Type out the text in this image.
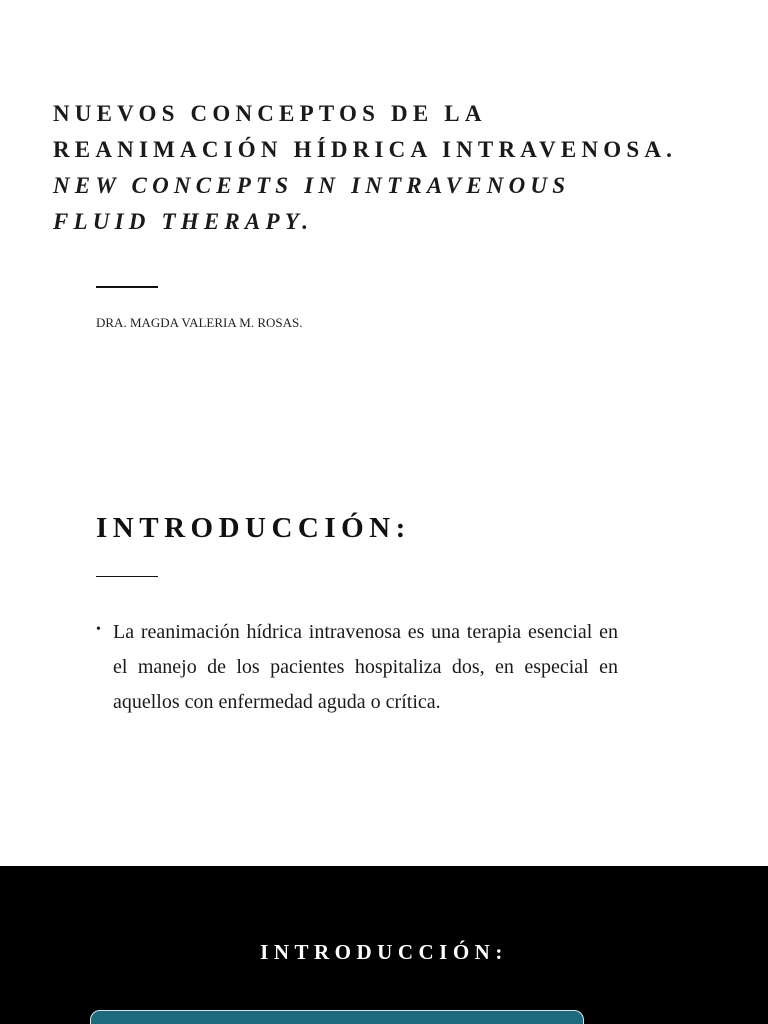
NUEVOS CONCEPTOS DE LA
REANIMACIÓN HÍDRICA INTRAVENOSA.
NEW CONCEPTS IN INTRAVENOUS
FLUID THERAPY.
DRA. MAGDA VALERIA M. ROSAS.
INTRODUCCIÓN:
• La reanimación hídrica intravenosa es una terapia esencial en el manejo de los pacientes hospitaliza dos, en especial en aquellos con enfermedad aguda o crítica.
INTRODUCCIÓN:
